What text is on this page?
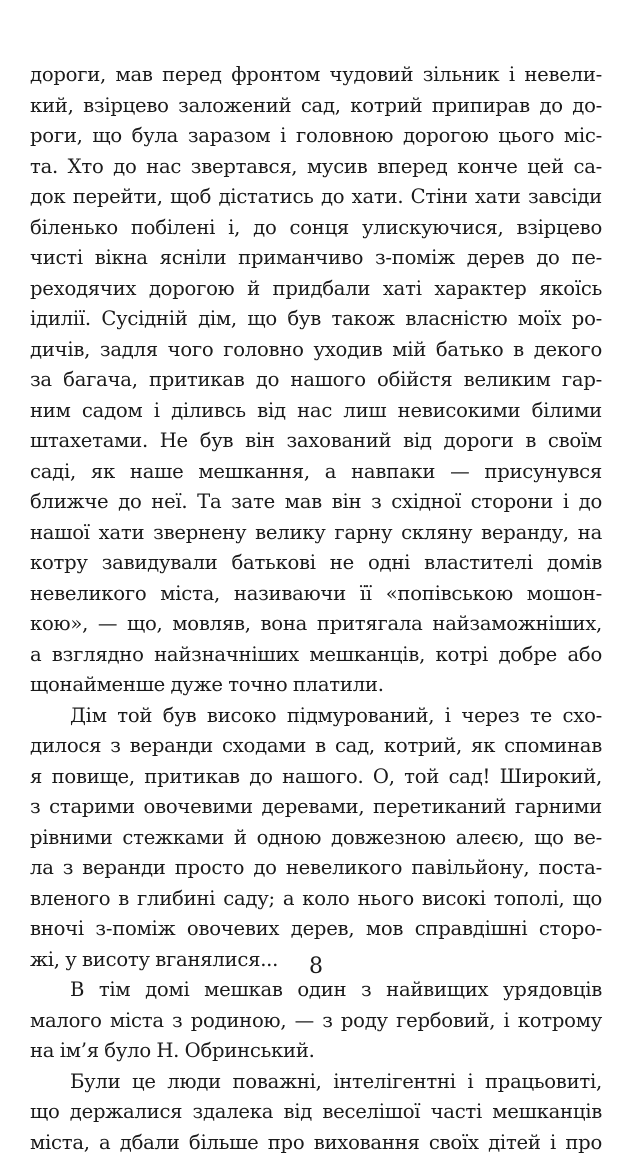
дороги, мав перед фронтом чудовий зільник і невели-
кий, взірцево заложений сад, котрий припирав до до-
роги, що була заразом і головною дорогою цього міс-
та. Хто до нас звертався, мусив вперед конче цей са-
док перейти, щоб дістатись до хати. Стіни хати завсіди
біленько побілені і, до сонця улискуючися, взірцево
чисті вікна ясніли приманчиво з-поміж дерев до пе-
реходячих дорогою й придбали хаті характер якоїсь
ідилії. Сусідній дім, що був також власністю моїх ро-
дичів, задля чого головно уходив мій батько в декого
за багача, притикав до нашого обійстя великим гар-
ним садом і діливсь від нас лиш невисокими білими
штахетами. Не був він захований від дороги в своїм
саді, як наше мешкання, а навпаки — присунувся
ближче до неї. Та зате мав він з східної сторони і до
нашої хати звернену велику гарну скляну веранду, на
котру завидували батькові не одні властителі домів
невеликого міста, називаючи її «попівською мошон-
кою», — що, мовляв, вона притягала найзаможніших,
а взглядно найзначніших мешканців, котрі добре або
щонайменше дуже точно платили.
Дім той був високо підмурований, і через те схо-
дилося з веранди сходами в сад, котрий, як споминав
я повище, притикав до нашого. О, той сад! Широкий,
з старими овочевими деревами, перетиканий гарними
рівними стежками й одною довжезною алеєю, що ве-
ла з веранди просто до невеликого павільйону, поста-
вленого в глибині саду; а коло нього високі тополі, що
вночі з-поміж овочевих дерев, мов справдішні сторо-
жі, у висоту вганялися...
В тім домі мешкав один з найвищих урядовців
малого міста з родиною, — з роду гербовий, і котрому
на ім’я було Н. Обринський.
Були це люди поважні, інтелігентні і працьовиті,
що держалися здалека від веселішої часті мешканців
міста, а дбали більше про виховання своїх дітей і про
8
